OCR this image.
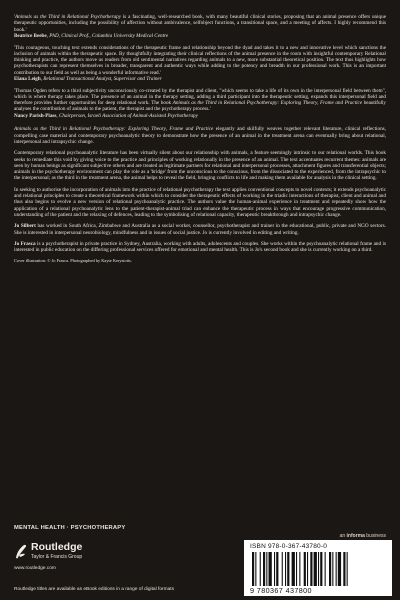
'Animals as the Third in Relational Psychotherapy is a fascinating, well-researched book, with many beautiful clinical stories, proposing that an animal presence offers unique therapeutic opportunities, including the possibility of affection without ambivalence, selfobject functions, a transitional space, and a meeting of affects. I highly recommend this book.'

Beatrice Beebe, PhD, Clinical Prof., Columbia University Medical Centre

'This courageous, touching text extends considerations of the therapeutic frame and relationship beyond the dyad and takes it to a new and innovative level which sanctions the inclusion of animals within the therapeutic space. By thoughtfully integrating their clinical reflections of the animal presence in the room with insightful contemporary Relational thinking and practice, the authors move us readers from old sentimental narratives regarding animals to a new, more substantial theoretical position. The text thus highlights how psychotherapists can represent themselves in broader, transparent and authentic ways while adding to the potency and breadth in our professional work. This is an important contribution to our field as well as being a wonderful informative read.'

Elana Leigh, Relational Transactional Analyst, Supervisor and Trainer

'Thomas Ogden refers to a third subjectivity unconsciously co-created by the therapist and client, "which seems to take a life of its own in the interpersonal field between them", which is where therapy takes place. The presence of an animal in the therapy setting, adding a third participant into the therapeutic setting, expands this interpersonal field and therefore provides further opportunities for deep relational work. The book Animals as the Third in Relational Psychotherapy: Exploring Theory, Frame and Practice beautifully analyses the contribution of animals to the patient, the therapist and the psychotherapy process.'

Nancy Parish-Plass, Chairperson, Israeli Association of Animal-Assisted Psychotherapy

Animals as the Third in Relational Psychotherapy: Exploring Theory, Frame and Practice elegantly and skilfully weaves together relevant literature, clinical reflections, compelling case material and contemporary psychoanalytic theory to demonstrate how the presence of an animal in the treatment arena can eventually bring about relational, interpersonal and intrapsychic change.

Contemporary relational psychoanalytic literature has been virtually silent about our relationship with animals, a feature seemingly intrinsic to our relational worlds. This book seeks to remediate this void by giving voice to the practice and principles of working relationally in the presence of an animal. The text accentuates recurrent themes: animals are seen by human beings as significant subjective others and are treated as legitimate partners for relational and interpersonal processes, attachment figures and transferential objects; animals in the psychotherapy environment can play the role as a 'bridge' from the unconscious to the conscious, from the dissociated to the experienced, from the intrapsychic to the interpersonal; as the third in the treatment arena, the animal helps to reveal the field, bringing conflicts to life and making them available for analysis in the clinical setting.

In seeking to authorise the incorporation of animals into the practice of relational psychotherapy the text applies conventional concepts to novel contexts; it extends psychoanalytic and relational principles to create a theoretical framework within which to consider the therapeutic effects of working in the triadic interactions of therapist, client and animal and thus also begins to evolve a new version of relational psychoanalytic practice. The authors value the human-animal experience in treatment and repeatedly show how the application of a relational psychoanalytic lens to the patient-therapist-animal triad can enhance the therapeutic process in ways that encourage progressive communication, understanding of the patient and the relaxing of defences, leading to the symbolising of relational capacity, therapeutic breakthrough and intrapsychic change.

Jo Silbert has worked in South Africa, Zimbabwe and Australia as a social worker, counsellor, psychotherapist and trainer in the educational, public, private and NGO sectors. She is interested in interpersonal neurobiology, mindfulness and in issues of social justice. Jo is currently involved in editing and writing.

Jo Frasca is a psychotherapist in private practice in Sydney, Australia, working with adults, adolescents and couples. She works within the psychoanalytic relational frame and is interested in public education on the differing professional services offered for emotional and mental health. This is Jo's second book and she is currently working on a third.

Cover illustration: © Jo Frasca. Photographed by Kayte Kerystotis.

MENTAL HEALTH · PSYCHOTHERAPY
an informa business
Routledge
Taylor & Francis Group
www.routledge.com
Routledge titles are available as eBook editions in a range of digital formats
ISBN 978-0-367-43780-0
9 780367 437800
